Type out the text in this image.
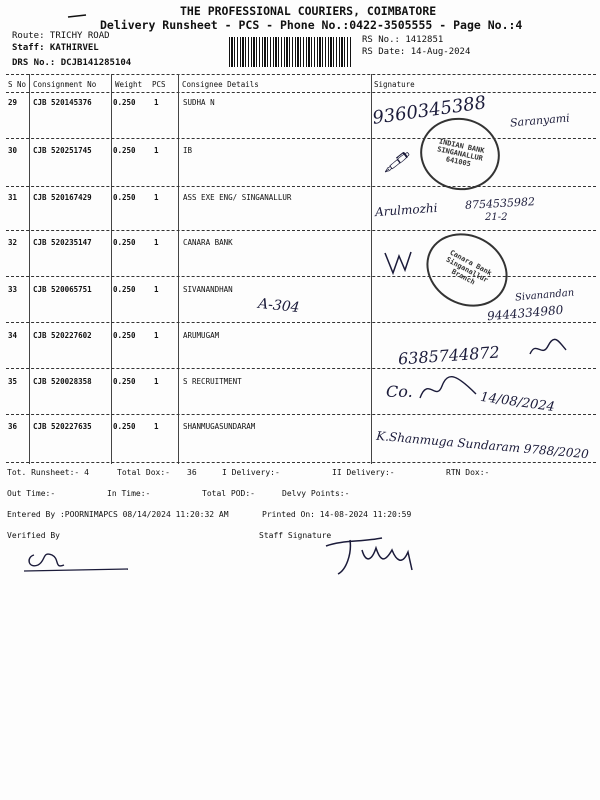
THE PROFESSIONAL COURIERS, COIMBATORE
Delivery Runsheet - PCS - Phone No.:0422-3505555 - Page No.:4
Route: TRICHY ROAD
Staff: KATHIRVEL
DRS No.: DCJB141285104
RS No.: 1412851
RS Date: 14-Aug-2024
S No Consignment No	Weight PCS Consignee Details	Signature
29 CJB 520145376	0.250 1	SUDHA N
30 CJB 520251745	0.250 1	IB
31 CJB 520167429	0.250 1	ASS EXE ENG/ SINGANALLUR
32 CJB 520235147	0.250 1	CANARA BANK
33 CJB 520065751	0.250 1	SIVANANDHAN
34 CJB 520227602	0.250 1	ARUMUGAM
35 CJB 520028358	0.250 1	S RECRUITMENT
36 CJB 520227635	0.250 1	SHANMUGASUNDARAM
9360345388 Saranyami
INDIAN BANK SINGANALLUR 641005
🖋
Arulmozhi 8754535982
21-2
Canara Bank Singanallur Branch
A-304
Sivanandan
9444334980
6385744872
Co.	14/08/2024
K.Shanmuga Sundaram 9788/2020
Tot. Runsheet:- 4	Total Dox:- 36	I Delivery:-	II Delivery:-	RTN Dox:-
Out Time:-	In Time:-	Total POD:-	Delvy Points:-
Entered By :POORNIMAPCS 08/14/2024 11:20:32 AM	Printed On: 14-08-2024 11:20:59
Verified By	Staff Signature
